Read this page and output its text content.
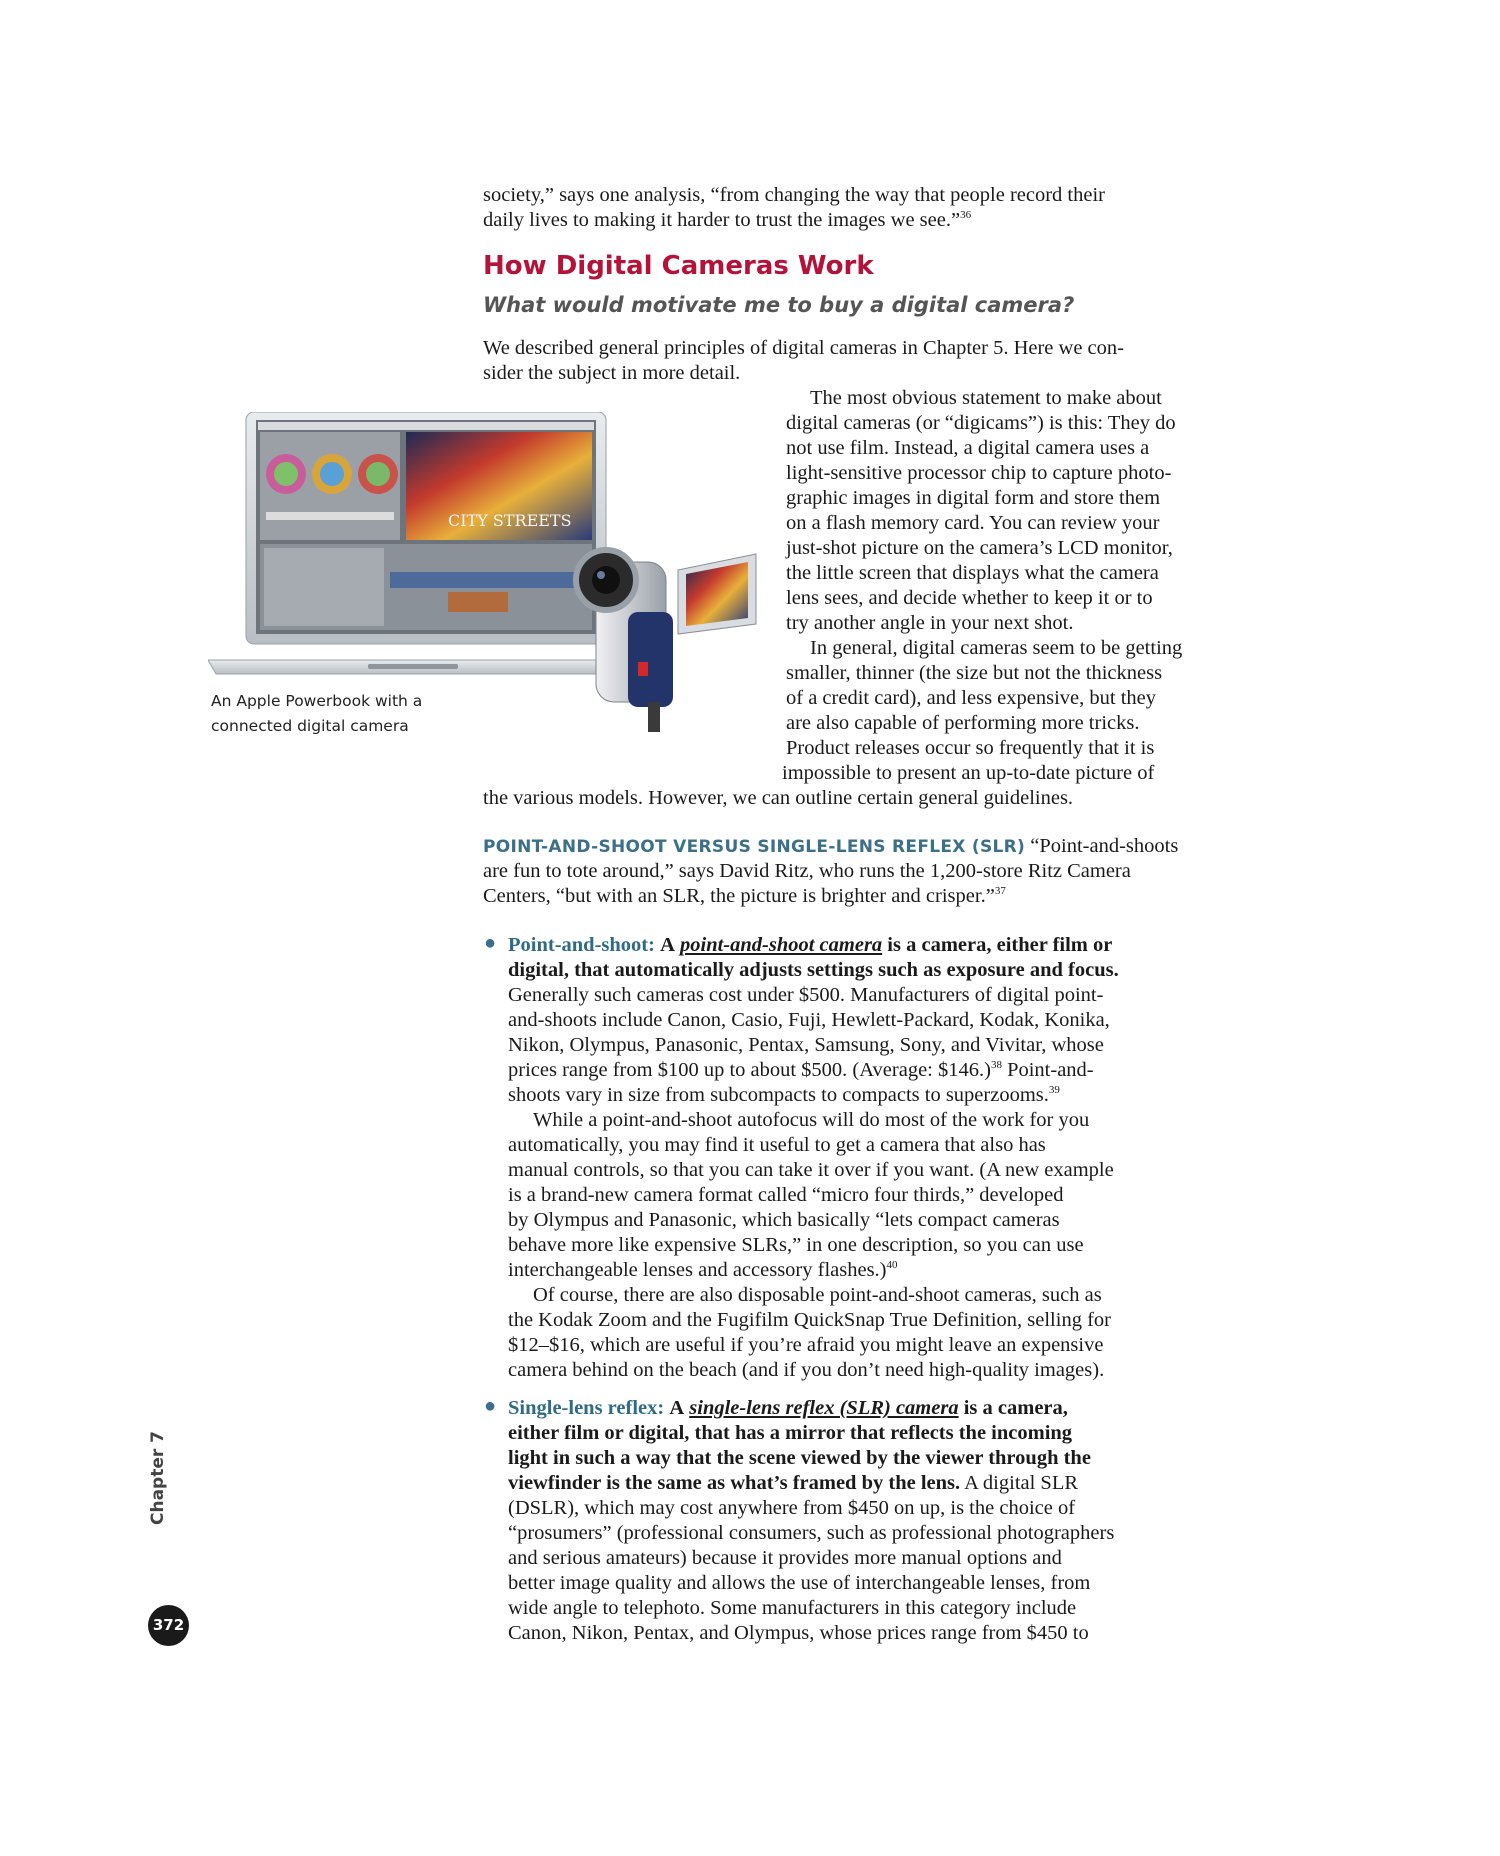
society,” says one analysis, “from changing the way that people record their

daily lives to making it harder to trust the images we see.”$^{36}$

How Digital Cameras Work
What would motivate me to buy a digital camera?

We described general principles of digital cameras in Chapter 5. Here we con-

sider the subject in more detail.

The most obvious statement to make about

digital cameras (or “digicams”) is this: They do

not use film. Instead, a digital camera uses a

light-sensitive processor chip to capture photo-

graphic images in digital form and store them

on a flash memory card. You can review your

just-shot picture on the camera’s LCD monitor,

the little screen that displays what the camera

lens sees, and decide whether to keep it or to

try another angle in your next shot.

In general, digital cameras seem to be getting

smaller, thinner (the size but not the thickness

of a credit card), and less expensive, but they

are also capable of performing more tricks.

Product releases occur so frequently that it is

impossible to present an up-to-date picture of

the various models. However, we can outline certain general guidelines.

CITY STREETS
An Apple Powerbook with a
connected digital camera

POINT-AND-SHOOT VERSUS SINGLE-LENS REFLEX (SLR) “Point-and-shoots

are fun to tote around,” says David Ritz, who runs the 1,200-store Ritz Camera

Centers, “but with an SLR, the picture is brighter and crisper.”$^{37}$

● Point-and-shoot: A point-and-shoot camera is a camera, either film or

digital, that automatically adjusts settings such as exposure and focus.

Generally such cameras cost under $500. Manufacturers of digital point-

and-shoots include Canon, Casio, Fuji, Hewlett-Packard, Kodak, Konika,

Nikon, Olympus, Panasonic, Pentax, Samsung, Sony, and Vivitar, whose

prices range from $100 up to about $500. (Average: $146.)$^{38}$ Point-and-

shoots vary in size from subcompacts to compacts to superzooms.$^{39}$

While a point-and-shoot autofocus will do most of the work for you

automatically, you may find it useful to get a camera that also has

manual controls, so that you can take it over if you want. (A new example

is a brand-new camera format called “micro four thirds,” developed

by Olympus and Panasonic, which basically “lets compact cameras

behave more like expensive SLRs,” in one description, so you can use

interchangeable lenses and accessory flashes.)$^{40}$

Of course, there are also disposable point-and-shoot cameras, such as

the Kodak Zoom and the Fugifilm QuickSnap True Definition, selling for

$12–$16, which are useful if you’re afraid you might leave an expensive

camera behind on the beach (and if you don’t need high-quality images).

● Single-lens reflex: A single-lens reflex (SLR) camera is a camera,

either film or digital, that has a mirror that reflects the incoming

light in such a way that the scene viewed by the viewer through the

viewfinder is the same as what’s framed by the lens. A digital SLR

(DSLR), which may cost anywhere from $450 on up, is the choice of

“prosumers” (professional consumers, such as professional photographers

and serious amateurs) because it provides more manual options and

better image quality and allows the use of interchangeable lenses, from

wide angle to telephoto. Some manufacturers in this category include

Canon, Nikon, Pentax, and Olympus, whose prices range from $450 to

Chapter 7
372
